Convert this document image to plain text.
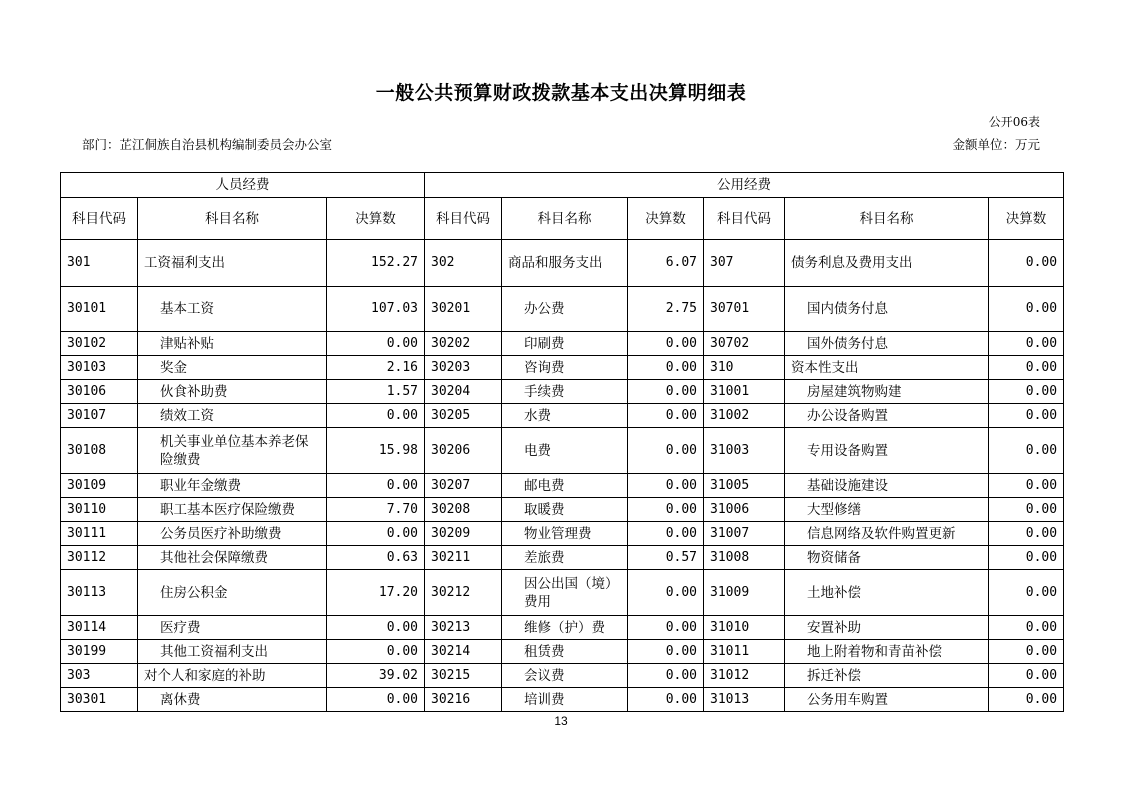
一般公共预算财政拨款基本支出决算明细表
公开06表
部门：芷江侗族自治县机构编制委员会办公室	金额单位：万元
人员经费			公用经费					
科目代码	科目名称	决算数	科目代码	科目名称	决算数	科目代码	科目名称	决算数
301	工资福利支出	152.27	302	商品和服务支出	6.07	307	债务利息及费用支出	0.00
30101	基本工资	107.03	30201	办公费	2.75	30701	国内债务付息	0.00
30102	津贴补贴	0.00	30202	印刷费	0.00	30702	国外债务付息	0.00
30103	奖金	2.16	30203	咨询费	0.00	310	资本性支出	0.00
30106	伙食补助费	1.57	30204	手续费	0.00	31001	房屋建筑物购建	0.00
30107	绩效工资	0.00	30205	水费	0.00	31002	办公设备购置	0.00
30108	机关事业单位基本养老保险缴费	15.98	30206	电费	0.00	31003	专用设备购置	0.00
30109	职业年金缴费	0.00	30207	邮电费	0.00	31005	基础设施建设	0.00
30110	职工基本医疗保险缴费	7.70	30208	取暖费	0.00	31006	大型修缮	0.00
30111	公务员医疗补助缴费	0.00	30209	物业管理费	0.00	31007	信息网络及软件购置更新	0.00
30112	其他社会保障缴费	0.63	30211	差旅费	0.57	31008	物资储备	0.00
30113	住房公积金	17.20	30212	因公出国（境）费用	0.00	31009	土地补偿	0.00
30114	医疗费	0.00	30213	维修（护）费	0.00	31010	安置补助	0.00
30199	其他工资福利支出	0.00	30214	租赁费	0.00	31011	地上附着物和青苗补偿	0.00
303	对个人和家庭的补助	39.02	30215	会议费	0.00	31012	拆迁补偿	0.00
30301	离休费	0.00	30216	培训费	0.00	31013	公务用车购置	0.00
13
